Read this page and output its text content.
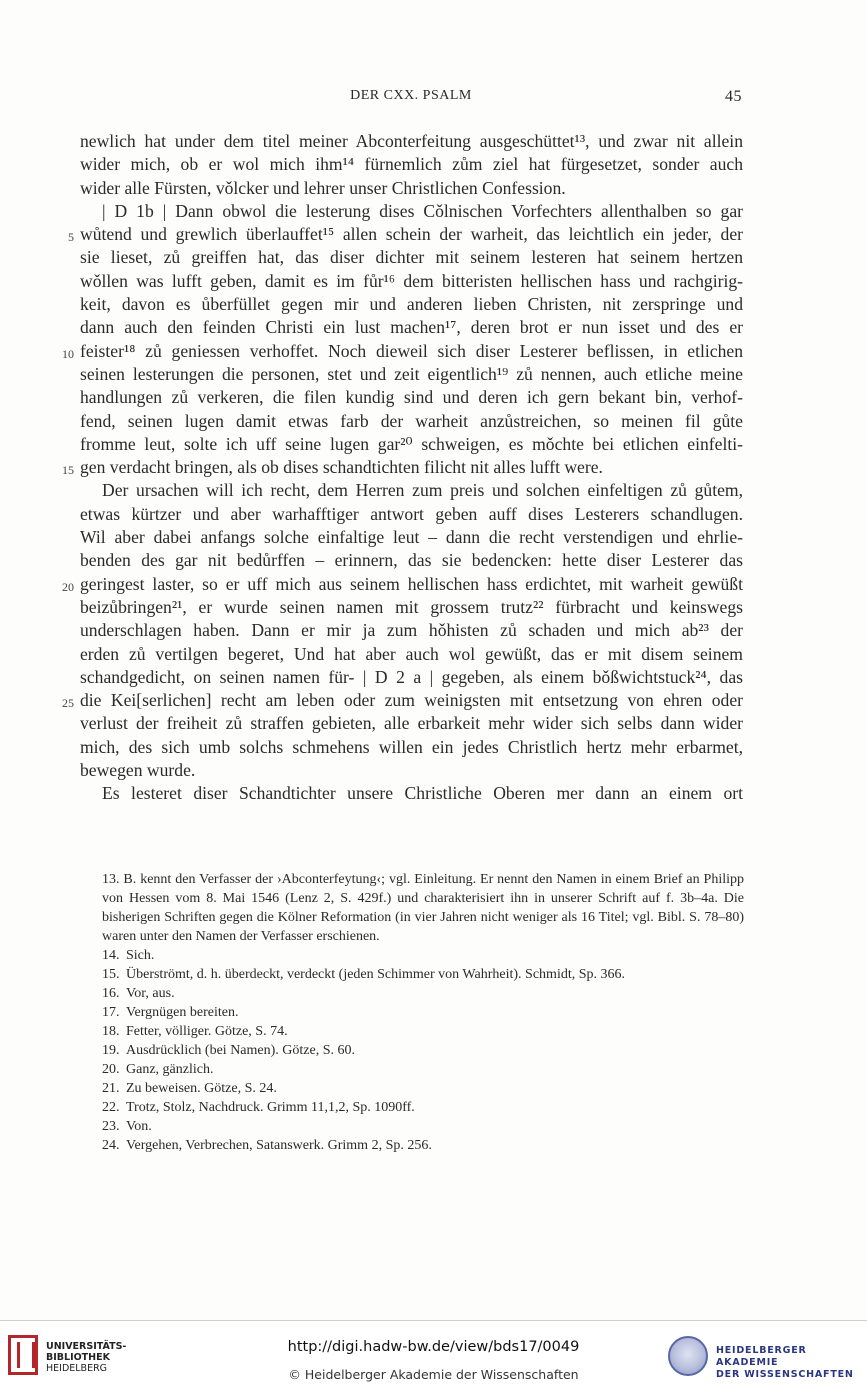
DER CXX. PSALM	45
newlich hat under dem titel meiner Abconterfeitung ausgeschüttet¹³, und zwar nit allein
wider mich, ob er wol mich ihm¹⁴ fürnemlich zům ziel hat fürgesetzet, sonder auch
wider alle Fürsten, vǒlcker und lehrer unser Christlichen Confession.
| D 1b | Dann obwol die lesterung dises Cǒlnischen Vorfechters allenthalben so gar
5 wůtend und grewlich überlauffet¹⁵ allen schein der warheit, das leichtlich ein jeder, der
sie lieset, zů greiffen hat, das diser dichter mit seinem lesteren hat seinem hertzen
wǒllen was lufft geben, damit es im fůr¹⁶ dem bitteristen hellischen hass und rachgirig-
keit, davon es ůberfüllet gegen mir und anderen lieben Christen, nit zerspringe und
dann auch den feinden Christi ein lust machen¹⁷, deren brot er nun isset und des er
10 feister¹⁸ zů geniessen verhoffet. Noch dieweil sich diser Lesterer beflissen, in etlichen
seinen lesterungen die personen, stet und zeit eigentlich¹⁹ zů nennen, auch etliche meine
handlungen zů verkeren, die filen kundig sind und deren ich gern bekant bin, verhof-
fend, seinen lugen damit etwas farb der warheit anzůstreichen, so meinen fil gůte
fromme leut, solte ich uff seine lugen gar²⁰ schweigen, es mǒchte bei etlichen einfelti-
15 gen verdacht bringen, als ob dises schandtichten filicht nit alles lufft were.
Der ursachen will ich recht, dem Herren zum preis und solchen einfeltigen zů gůtem,
etwas kürtzer und aber warhafftiger antwort geben auff dises Lesterers schandlugen.
Wil aber dabei anfangs solche einfaltige leut – dann die recht verstendigen und ehrlie-
benden des gar nit bedůrffen – erinnern, das sie bedencken: hette diser Lesterer das
20 geringest laster, so er uff mich aus seinem hellischen hass erdichtet, mit warheit gewüßt
beizůbringen²¹, er wurde seinen namen mit grossem trutz²² fürbracht und keinswegs
underschlagen haben. Dann er mir ja zum hǒhisten zů schaden und mich ab²³ der
erden zů vertilgen begeret, Und hat aber auch wol gewüßt, das er mit disem seinem
schandgedicht, on seinen namen für- | D 2 a | gegeben, als einem bǒßwichtstuck²⁴, das
25 die Kei[serlichen] recht am leben oder zum weinigsten mit entsetzung von ehren oder
verlust der freiheit zů straffen gebieten, alle erbarkeit mehr wider sich selbs dann wider
mich, des sich umb solchs schmehens willen ein jedes Christlich hertz mehr erbarmet,
bewegen wurde.
Es lesteret diser Schandtichter unsere Christliche Oberen mer dann an einem ort
13. B. kennt den Verfasser der ›Abconterfeytung‹; vgl. Einleitung. Er nennt den Namen in einem Brief an Philipp von Hessen vom 8. Mai 1546 (Lenz 2, S. 429f.) und charakterisiert ihn in unserer Schrift auf f. 3b–4a. Die bisherigen Schriften gegen die Kölner Reformation (in vier Jahren nicht weniger als 16 Titel; vgl. Bibl. S. 78–80) waren unter den Namen der Verfasser erschienen.
14. Sich.
15. Überströmt, d. h. überdeckt, verdeckt (jeden Schimmer von Wahrheit). Schmidt, Sp. 366.
16. Vor, aus.
17. Vergnügen bereiten.
18. Fetter, völliger. Götze, S. 74.
19. Ausdrücklich (bei Namen). Götze, S. 60.
20. Ganz, gänzlich.
21. Zu beweisen. Götze, S. 24.
22. Trotz, Stolz, Nachdruck. Grimm 11,1,2, Sp. 1090ff.
23. Von.
24. Vergehen, Verbrechen, Satanswerk. Grimm 2, Sp. 256.
UNIVERSITÄTS-
BIBLIOTHEK
HEIDELBERG
http://digi.hadw-bw.de/view/bds17/0049
© Heidelberger Akademie der Wissenschaften
HEIDELBERGER AKADEMIE
DER WISSENSCHAFTEN
